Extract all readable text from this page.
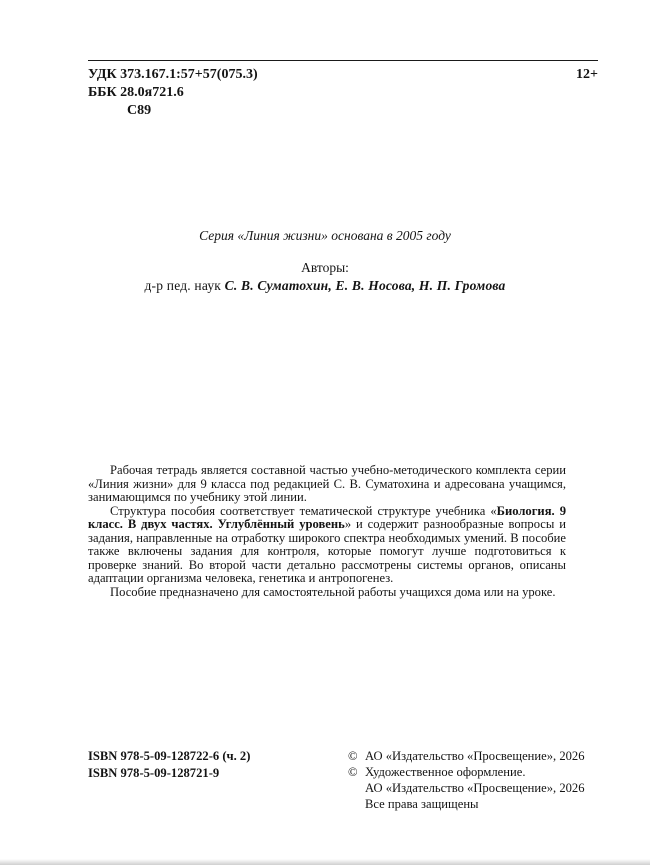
УДК 373.167.1:57+57(075.3)
ББК 28.0я721.6
С89
12+
Серия «Линия жизни» основана в 2005 году
Авторы:
д-р пед. наук С. В. Суматохин, Е. В. Носова, Н. П. Громова

Рабочая тетрадь является составной частью учебно-методического комплекта серии «Линия жизни» для 9 класса под редакцией С. В. Суматохина и адресована учащимся, занимающимся по учебнику этой линии.

Структура пособия соответствует тематической структуре учебника «Биология. 9 класс. В двух частях. Углублённый уровень» и содержит разнообразные вопросы и задания, направленные на отработку широкого спектра необходимых умений. В пособие также включены задания для контроля, которые помогут лучше подготовиться к проверке знаний. Во второй части детально рассмотрены системы органов, описаны адаптации организма человека, генетика и антропогенез.

Пособие предназначено для самостоятельной работы учащихся дома или на уроке.

ISBN 978-5-09-128722-6 (ч. 2)
ISBN 978-5-09-128721-9
© АО «Издательство «Просвещение», 2026
© Художественное оформление.
АО «Издательство «Просвещение», 2026
Все права защищены
